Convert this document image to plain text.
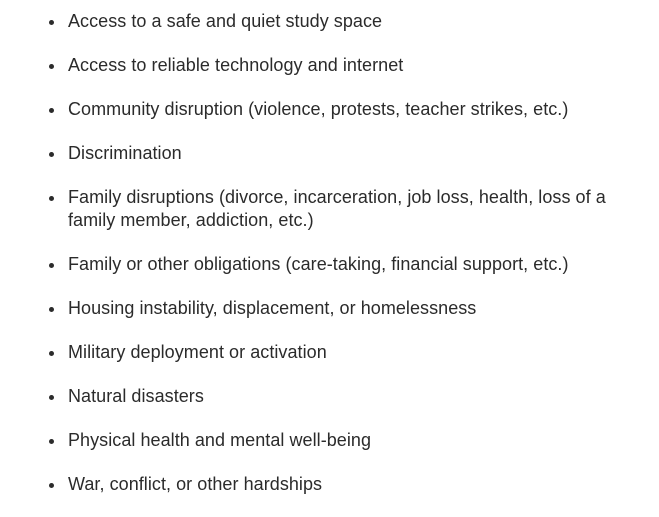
Access to a safe and quiet study space
Access to reliable technology and internet
Community disruption (violence, protests, teacher strikes, etc.)
Discrimination
Family disruptions (divorce, incarceration, job loss, health, loss of a family member, addiction, etc.)
Family or other obligations (care-taking, financial support, etc.)
Housing instability, displacement, or homelessness
Military deployment or activation
Natural disasters
Physical health and mental well-being
War, conflict, or other hardships
